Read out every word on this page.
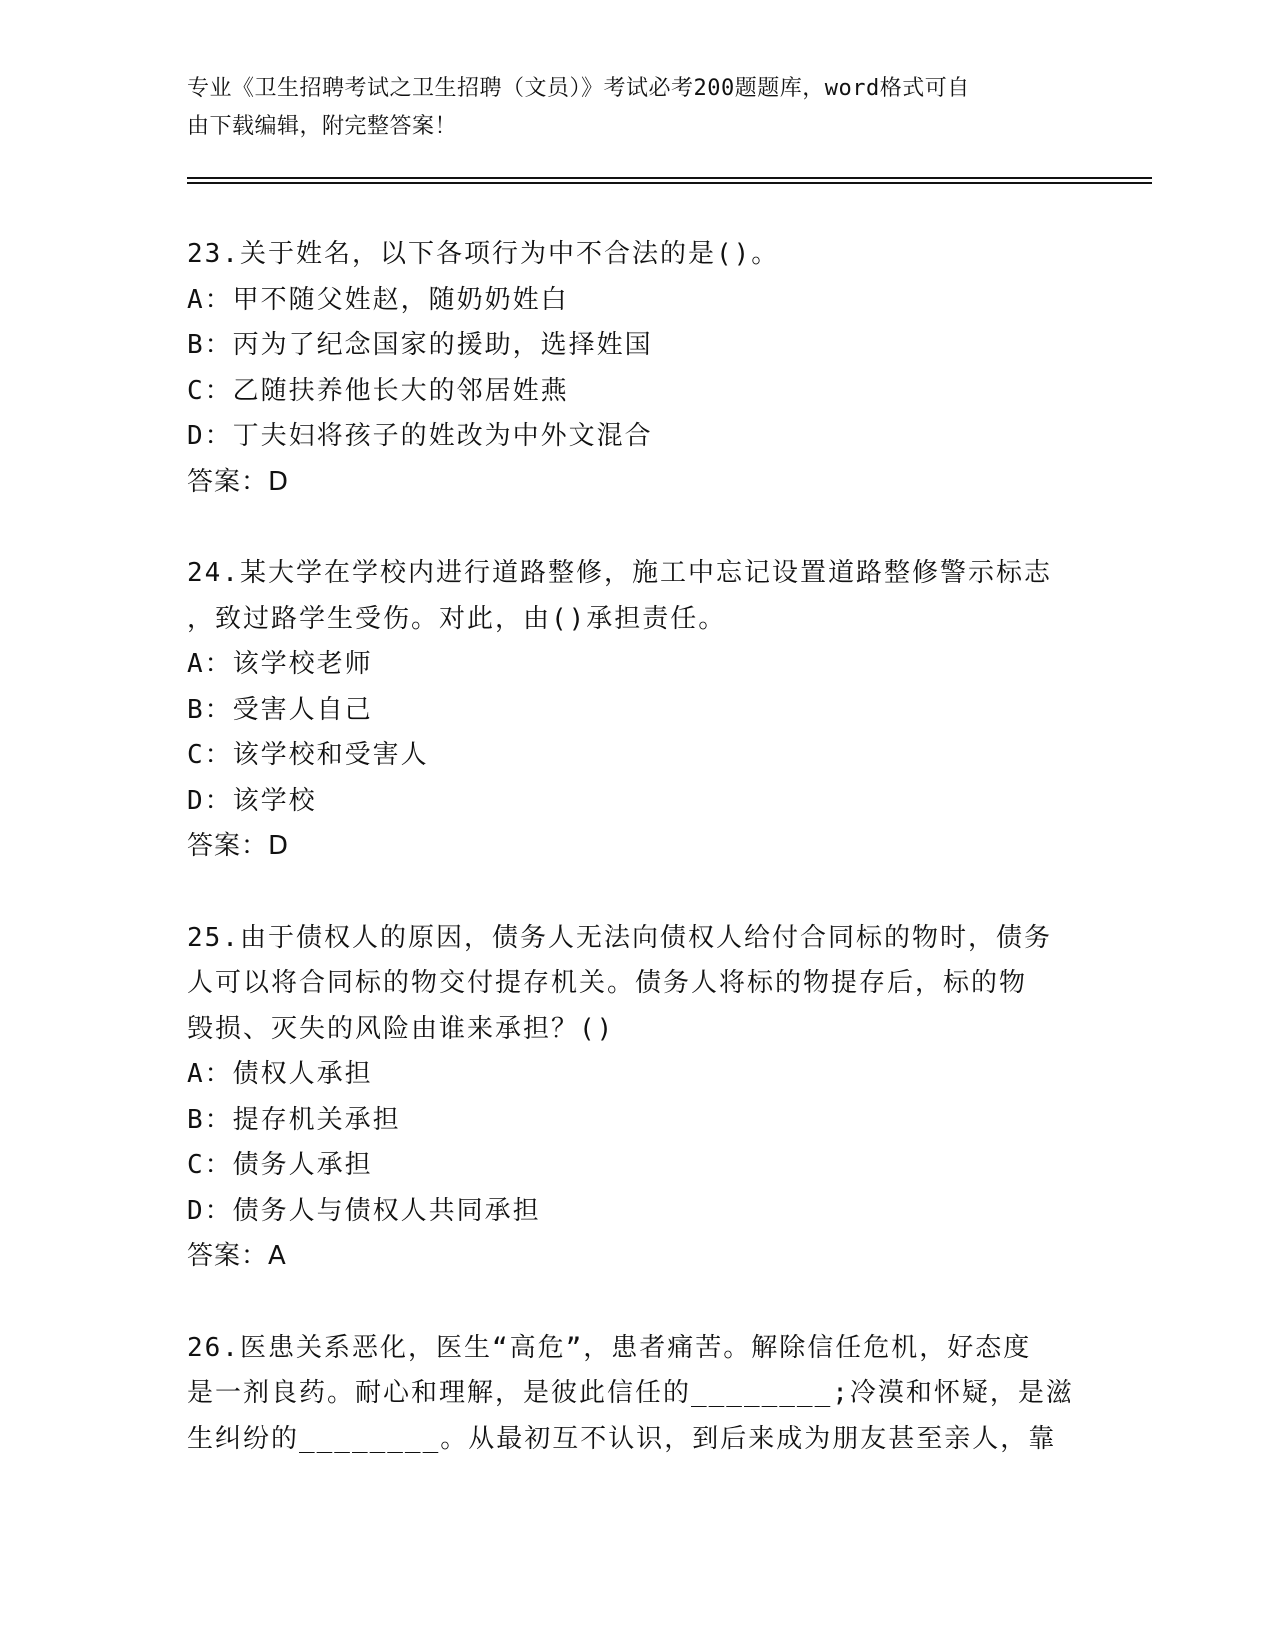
专业《卫生招聘考试之卫生招聘（文员）》考试必考200题题库，word格式可自
由下载编辑，附完整答案！
23.关于姓名，以下各项行为中不合法的是()。
A：甲不随父姓赵，随奶奶姓白
B：丙为了纪念国家的援助，选择姓国
C：乙随扶养他长大的邻居姓燕
D：丁夫妇将孩子的姓改为中外文混合
答案：D
24.某大学在学校内进行道路整修，施工中忘记设置道路整修警示标志
，致过路学生受伤。对此，由()承担责任。
A：该学校老师
B：受害人自己
C：该学校和受害人
D：该学校
答案：D
25.由于债权人的原因，债务人无法向债权人给付合同标的物时，债务
人可以将合同标的物交付提存机关。债务人将标的物提存后，标的物
毁损、灭失的风险由谁来承担？()
A：债权人承担
B：提存机关承担
C：债务人承担
D：债务人与债权人共同承担
答案：A
26.医患关系恶化，医生“高危”，患者痛苦。解除信任危机，好态度
是一剂良药。耐心和理解，是彼此信任的________;冷漠和怀疑，是滋
生纠纷的________。从最初互不认识，到后来成为朋友甚至亲人，靠
